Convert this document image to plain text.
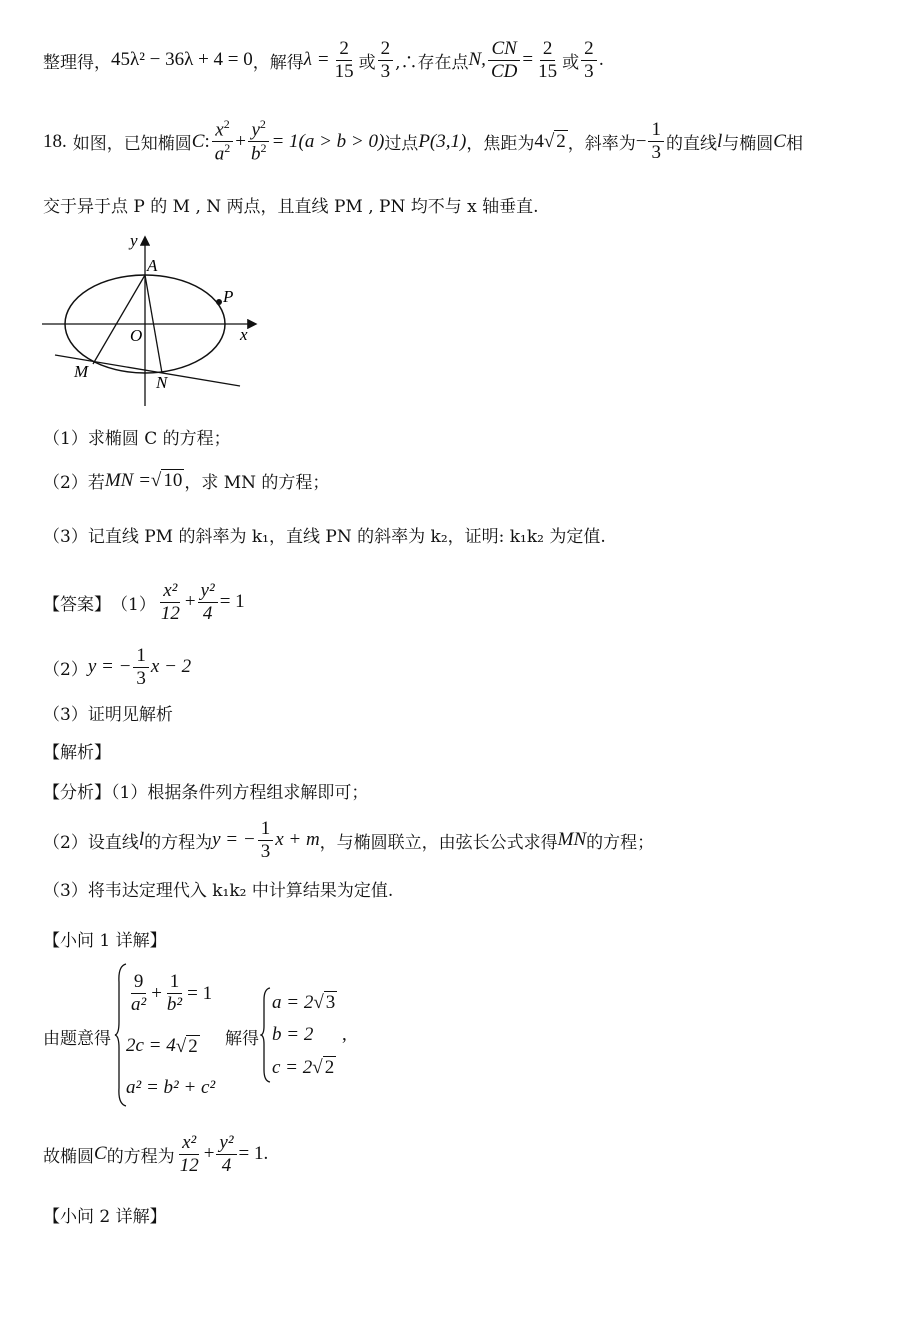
整理得， 45λ² − 36λ + 4 = 0 ，解得 $\lambda = \frac{2}{15}$ 或 $\frac{2}{3}$ ,∴存在点 N, $\frac{CN}{CD} = \frac{2}{15}$ 或 $\frac{2}{3}$ .
18. 如图，已知椭圆 C : $\frac{x^2}{a^2} + \frac{y^2}{b^2} = 1(a > b > 0)$ 过点 P(3,1) ，焦距为 4 √ 2 ，斜率为 − $\frac{1}{3}$ 的直线 l 与椭圆 C 相
交于异于点 P 的 M , N 两点，且直线 PM , PN 均不与 x 轴垂直.
y
A
P
O	x
M
N
（1）求椭圆 C 的方程；
（2）若 MN = √ 10 ，求 MN 的方程；
（3）记直线 PM 的斜率为 k₁，直线 PN 的斜率为 k₂，证明: k₁k₂ 为定值.
【答案】 $(1) \frac{\text{x²}}{12} + \frac{\text{y²}}{4} = 1$
（2） y = − $\frac{1}{3}$ x − 2
（3）证明见解析
【解析】
【分析】（1）根据条件列方程组求解即可；
（2）设直线 l 的方程为 y = − $\frac{1}{3}$ x + m ，与椭圆联立，由弦长公式求得 MN 的方程；
（3）将韦达定理代入 k₁k₂ 中计算结果为定值.
【小问 1 详解】
由题意得
$\frac{9}{\text{a²}} + \frac{1}{\text{b²}} = 1$
2c = 4 √ 2
a² = b² + c²
解得
a = 2 √ 3
b = 2
c = 2 √ 2
,
故椭圆 C 的方程为 $\frac{\text{x²}}{12} + \frac{\text{y²}}{4} = 1$.
【小问 2 详解】
